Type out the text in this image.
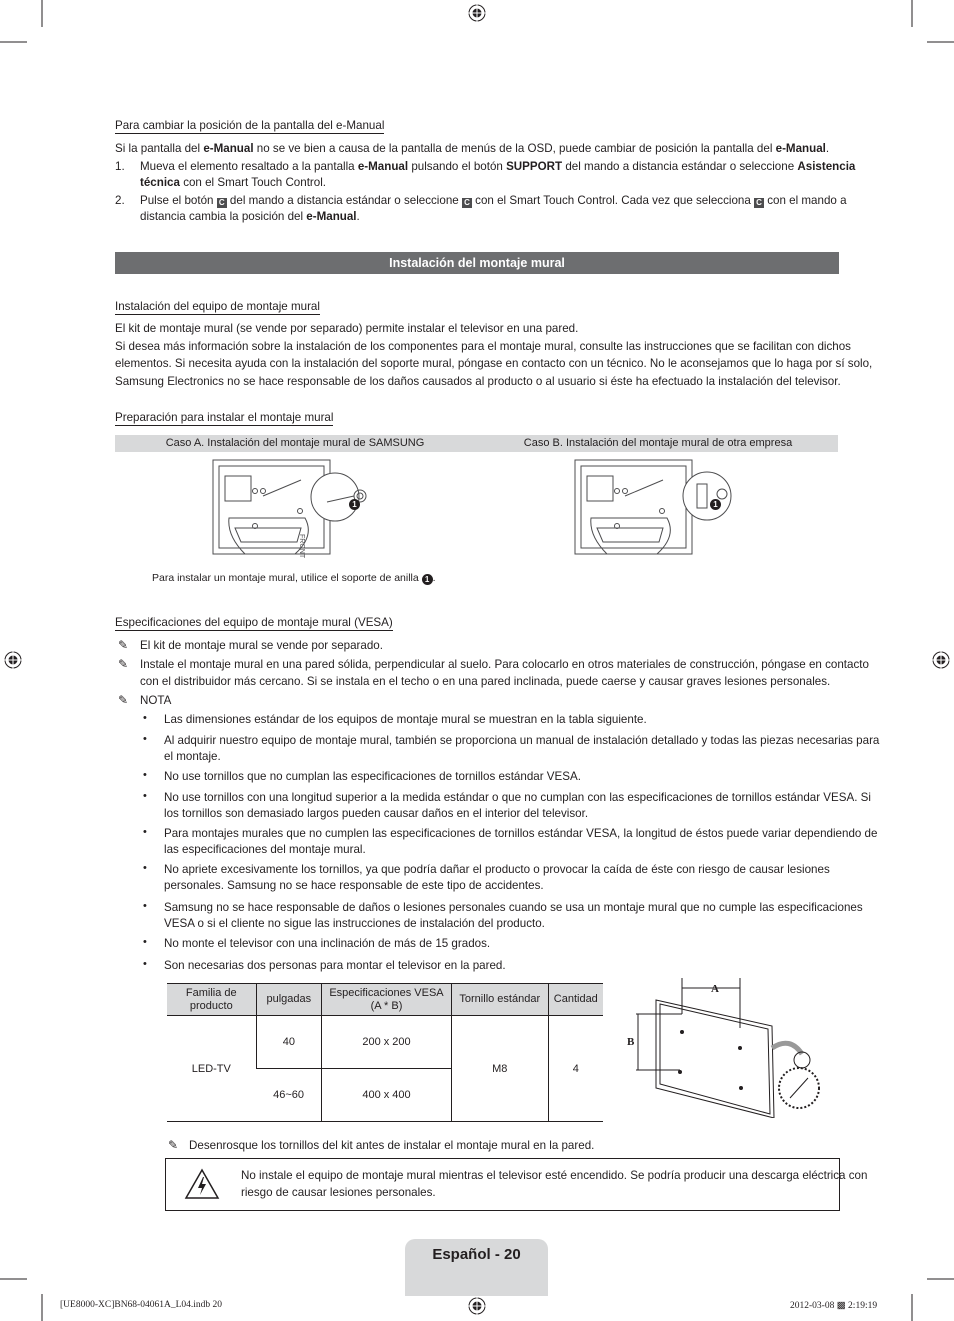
Para cambiar la posición de la pantalla del e-Manual
Si la pantalla del e-Manual no se ve bien a causa de la pantalla de menús de la OSD, puede cambiar de posición la pantalla del e-Manual.
1. Mueva el elemento resaltado a la pantalla e-Manual pulsando el botón SUPPORT del mando a distancia estándar o seleccione Asistencia
técnica con el Smart Touch Control.
2. Pulse el botón C del mando a distancia estándar o seleccione C con el Smart Touch Control. Cada vez que selecciona C con el mando a
distancia cambia la posición del e-Manual.
Instalación del montaje mural
Instalación del equipo de montaje mural
El kit de montaje mural (se vende por separado) permite instalar el televisor en una pared.
Si desea más información sobre la instalación de los componentes para el montaje mural, consulte las instrucciones que se facilitan con dichos
elementos. Si necesita ayuda con la instalación del soporte mural, póngase en contacto con un técnico. No le aconsejamos que lo haga por sí solo,
Samsung Electronics no se hace responsable de los daños causados al producto o al usuario si éste ha efectuado la instalación del televisor.
Preparación para instalar el montaje mural
Caso A. Instalación del montaje mural de SAMSUNG	Caso B. Instalación del montaje mural de otra empresa
FRONT
1	1
Para instalar un montaje mural, utilice el soporte de anilla 1 .
Especificaciones del equipo de montaje mural (VESA)
✎ El kit de montaje mural se vende por separado.
✎ Instale el montaje mural en una pared sólida, perpendicular al suelo. Para colocarlo en otros materiales de construcción, póngase en contacto
con el distribuidor más cercano. Si se instala en el techo o en una pared inclinada, puede caerse y causar graves lesiones personales.
✎ NOTA
• Las dimensiones estándar de los equipos de montaje mural se muestran en la tabla siguiente.
• Al adquirir nuestro equipo de montaje mural, también se proporciona un manual de instalación detallado y todas las piezas necesarias para
el montaje.
• No use tornillos que no cumplan las especificaciones de tornillos estándar VESA.
• No use tornillos con una longitud superior a la medida estándar o que no cumplan con las especificaciones de tornillos estándar VESA. Si
los tornillos son demasiado largos pueden causar daños en el interior del televisor.
• Para montajes murales que no cumplen las especificaciones de tornillos estándar VESA, la longitud de éstos puede variar dependiendo de
las especificaciones del montaje mural.
• No apriete excesivamente los tornillos, ya que podría dañar el producto o provocar la caída de éste con riesgo de causar lesiones
personales. Samsung no se hace responsable de este tipo de accidentes.
• Samsung no se hace responsable de daños o lesiones personales cuando se usa un montaje mural que no cumple las especificaciones
VESA o si el cliente no sigue las instrucciones de instalación del producto.
• No monte el televisor con una inclinación de más de 15 grados.
• Son necesarias dos personas para montar el televisor en la pared.
Familia de producto	pulgadas	Especificaciones VESA (A * B)	Tornillo estándar	Cantidad
LED-TV	40	200 x 200	M8	4
	46~60	400 x 400		
A
B
✎ Desenrosque los tornillos del kit antes de instalar el montaje mural en la pared.
No instale el equipo de montaje mural mientras el televisor esté encendido. Se podría producir una descarga eléctrica con
riesgo de causar lesiones personales.
Español - 20
[UE8000-XC]BN68-04061A_L04.indb 20	2012-03-08 ▩ 2:19:19
